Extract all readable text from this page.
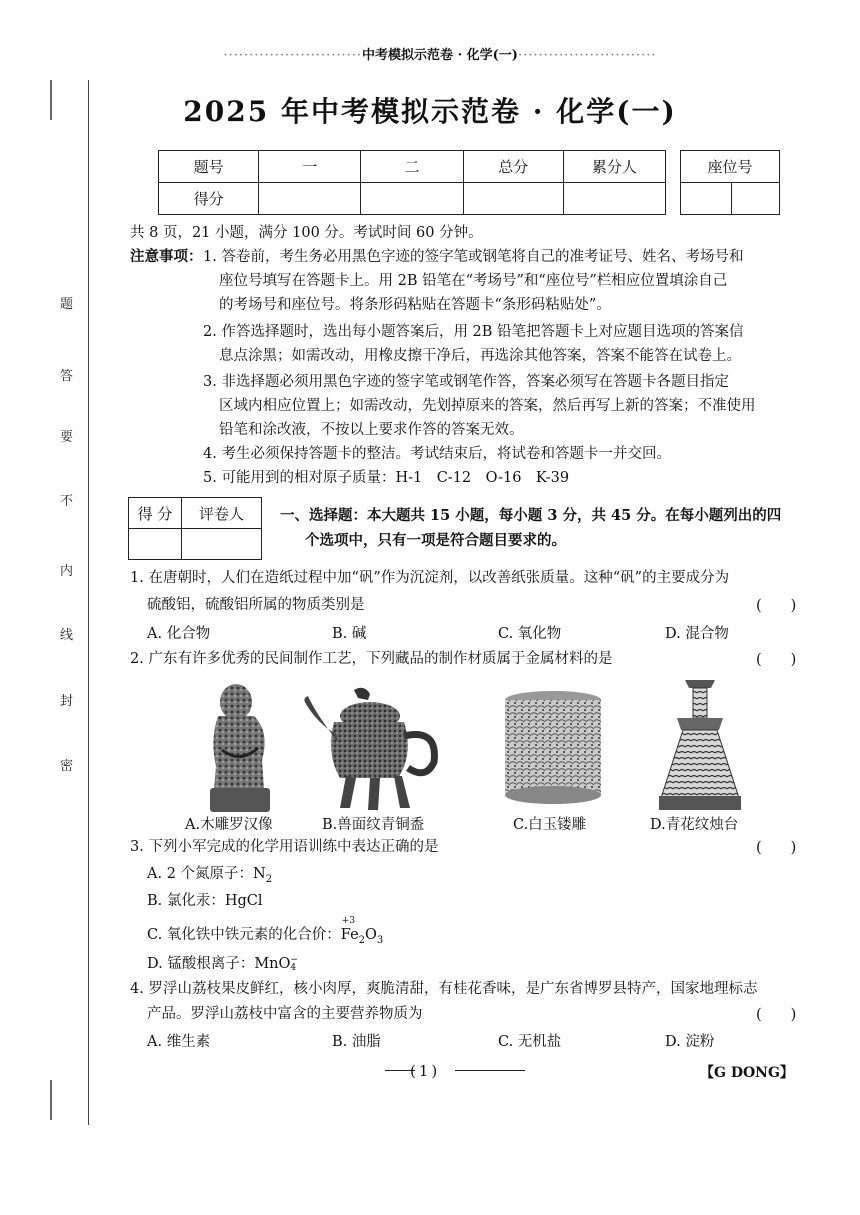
题
答
要
不
内
线
封
密
···························中考模拟示范卷 · 化学(一)···························
2025 年中考模拟示范卷 · 化学(一)
题号	一	二	总分	累分人
得分				
座位号

共 8 页，21 小题，满分 100 分。考试时间 60 分钟。
注意事项： 1. 答卷前，考生务必用黑色字迹的签字笔或钢笔将自己的准考证号、姓名、考场号和
座位号填写在答题卡上。用 2B 铅笔在“考场号”和“座位号”栏相应位置填涂自己
的考场号和座位号。将条形码粘贴在答题卡“条形码粘贴处”。
2. 作答选择题时，选出每小题答案后，用 2B 铅笔把答题卡上对应题目选项的答案信
息点涂黑；如需改动，用橡皮擦干净后，再选涂其他答案，答案不能答在试卷上。
3. 非选择题必须用黑色字迹的签字笔或钢笔作答，答案必须写在答题卡各题目指定
区域内相应位置上；如需改动，先划掉原来的答案，然后再写上新的答案；不准使用
铅笔和涂改液，不按以上要求作答的答案无效。
4. 考生必须保持答题卡的整洁。考试结束后，将试卷和答题卡一并交回。
5. 可能用到的相对原子质量：H-1　C-12　O-16　K-39
得 分	评卷人
	一、选择题：本大题共 15 小题，每小题 3 分，共 45 分。在每小题列出的四
个选项中，只有一项是符合题目要求的。
1. 在唐朝时，人们在造纸过程中加“矾”作为沉淀剂，以改善纸张质量。这种“矾”的主要成分为
硫酸铝，硫酸铝所属的物质类别是	(　　)
A. 化合物	B. 碱	C. 氧化物	D. 混合物
2. 广东有许多优秀的民间制作工艺，下列藏品的制作材质属于金属材料的是	(　　)
A.木雕罗汉像	B.兽面纹青铜盉	C.白玉镂雕	D.青花纹烛台
3. 下列小军完成的化学用语训练中表达正确的是	(　　)
A. 2 个氮原子：$N_2$
B. 氯化汞：HgCl
C. 氧化铁中铁元素的化合价：
+3
$Fe_2O_3$
D. 锰酸根离子：MnO −
4
4. 罗浮山荔枝果皮鲜红，核小肉厚，爽脆清甜，有桂花香味，是广东省博罗县特产，国家地理标志
产品。罗浮山荔枝中富含的主要营养物质为	(　　)
A. 维生素	B. 油脂	C. 无机盐	D. 淀粉
( 1 )	【G DONG】
